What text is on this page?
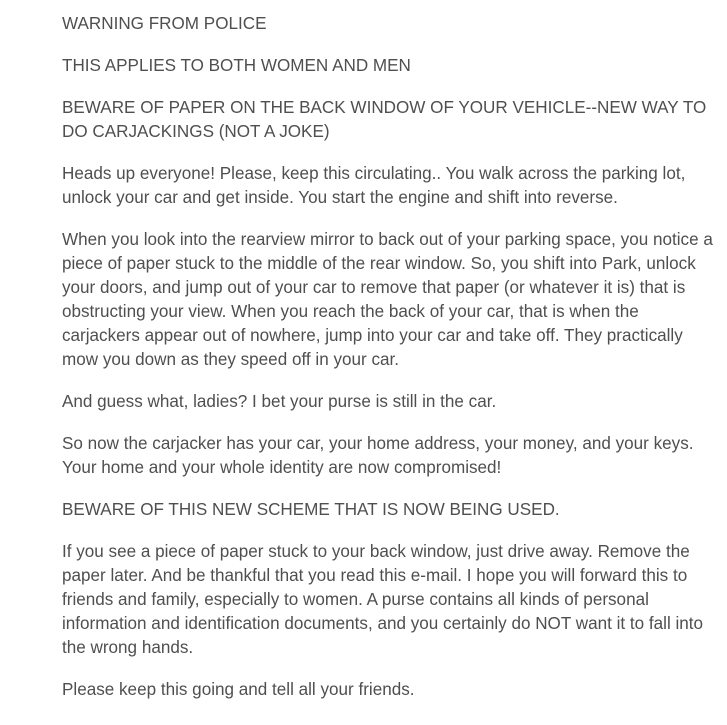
WARNING FROM POLICE

THIS APPLIES TO BOTH WOMEN AND MEN

BEWARE OF PAPER ON THE BACK WINDOW OF YOUR VEHICLE--NEW WAY TO DO CARJACKINGS (NOT A JOKE)

Heads up everyone! Please, keep this circulating.. You walk across the parking lot, unlock your car and get inside. You start the engine and shift into reverse.

When you look into the rearview mirror to back out of your parking space, you notice a piece of paper stuck to the middle of the rear window. So, you shift into Park, unlock your doors, and jump out of your car to remove that paper (or whatever it is) that is obstructing your view. When you reach the back of your car, that is when the carjackers appear out of nowhere, jump into your car and take off. They practically mow you down as they speed off in your car.

And guess what, ladies? I bet your purse is still in the car.

So now the carjacker has your car, your home address, your money, and your keys. Your home and your whole identity are now compromised!

BEWARE OF THIS NEW SCHEME THAT IS NOW BEING USED.

If you see a piece of paper stuck to your back window, just drive away. Remove the paper later. And be thankful that you read this e-mail. I hope you will forward this to friends and family, especially to women. A purse contains all kinds of personal information and identification documents, and you certainly do NOT want it to fall into the wrong hands.

Please keep this going and tell all your friends.
